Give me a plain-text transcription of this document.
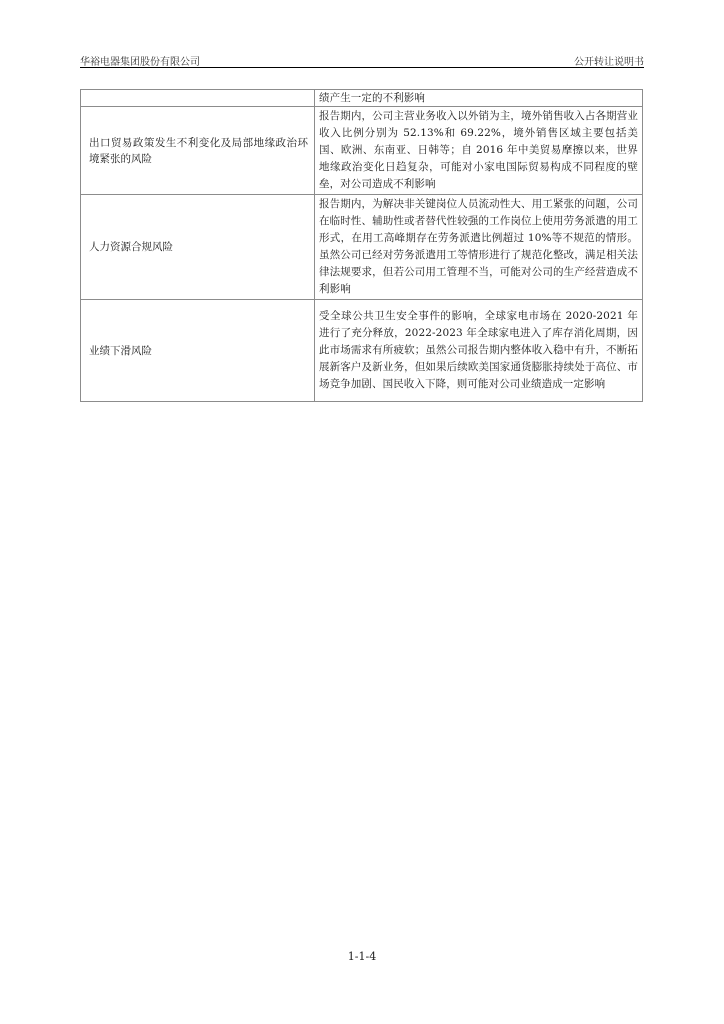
华裕电器集团股份有限公司	公开转让说明书
	绩产生一定的不利影响
出口贸易政策发生不利变化及局部地缘政治环境紧张的风险	报告期内，公司主营业务收入以外销为主，境外销售收入占各期营业收入比例分别为 52.13%和 69.22%，境外销售区域主要包括美国、欧洲、东南亚、日韩等；自 2016 年中美贸易摩擦以来，世界地缘政治变化日趋复杂，可能对小家电国际贸易构成不同程度的壁垒，对公司造成不利影响
人力资源合规风险	报告期内，为解决非关键岗位人员流动性大、用工紧张的问题，公司在临时性、辅助性或者替代性较强的工作岗位上使用劳务派遣的用工形式，在用工高峰期存在劳务派遣比例超过 10%等不规范的情形。虽然公司已经对劳务派遣用工等情形进行了规范化整改，满足相关法律法规要求，但若公司用工管理不当，可能对公司的生产经营造成不利影响
业绩下滑风险	受全球公共卫生安全事件的影响，全球家电市场在 2020-2021 年进行了充分释放，2022-2023 年全球家电进入了库存消化周期，因此市场需求有所疲软；虽然公司报告期内整体收入稳中有升，不断拓展新客户及新业务，但如果后续欧美国家通货膨胀持续处于高位、市场竞争加剧、国民收入下降，则可能对公司业绩造成一定影响
1-1-4
